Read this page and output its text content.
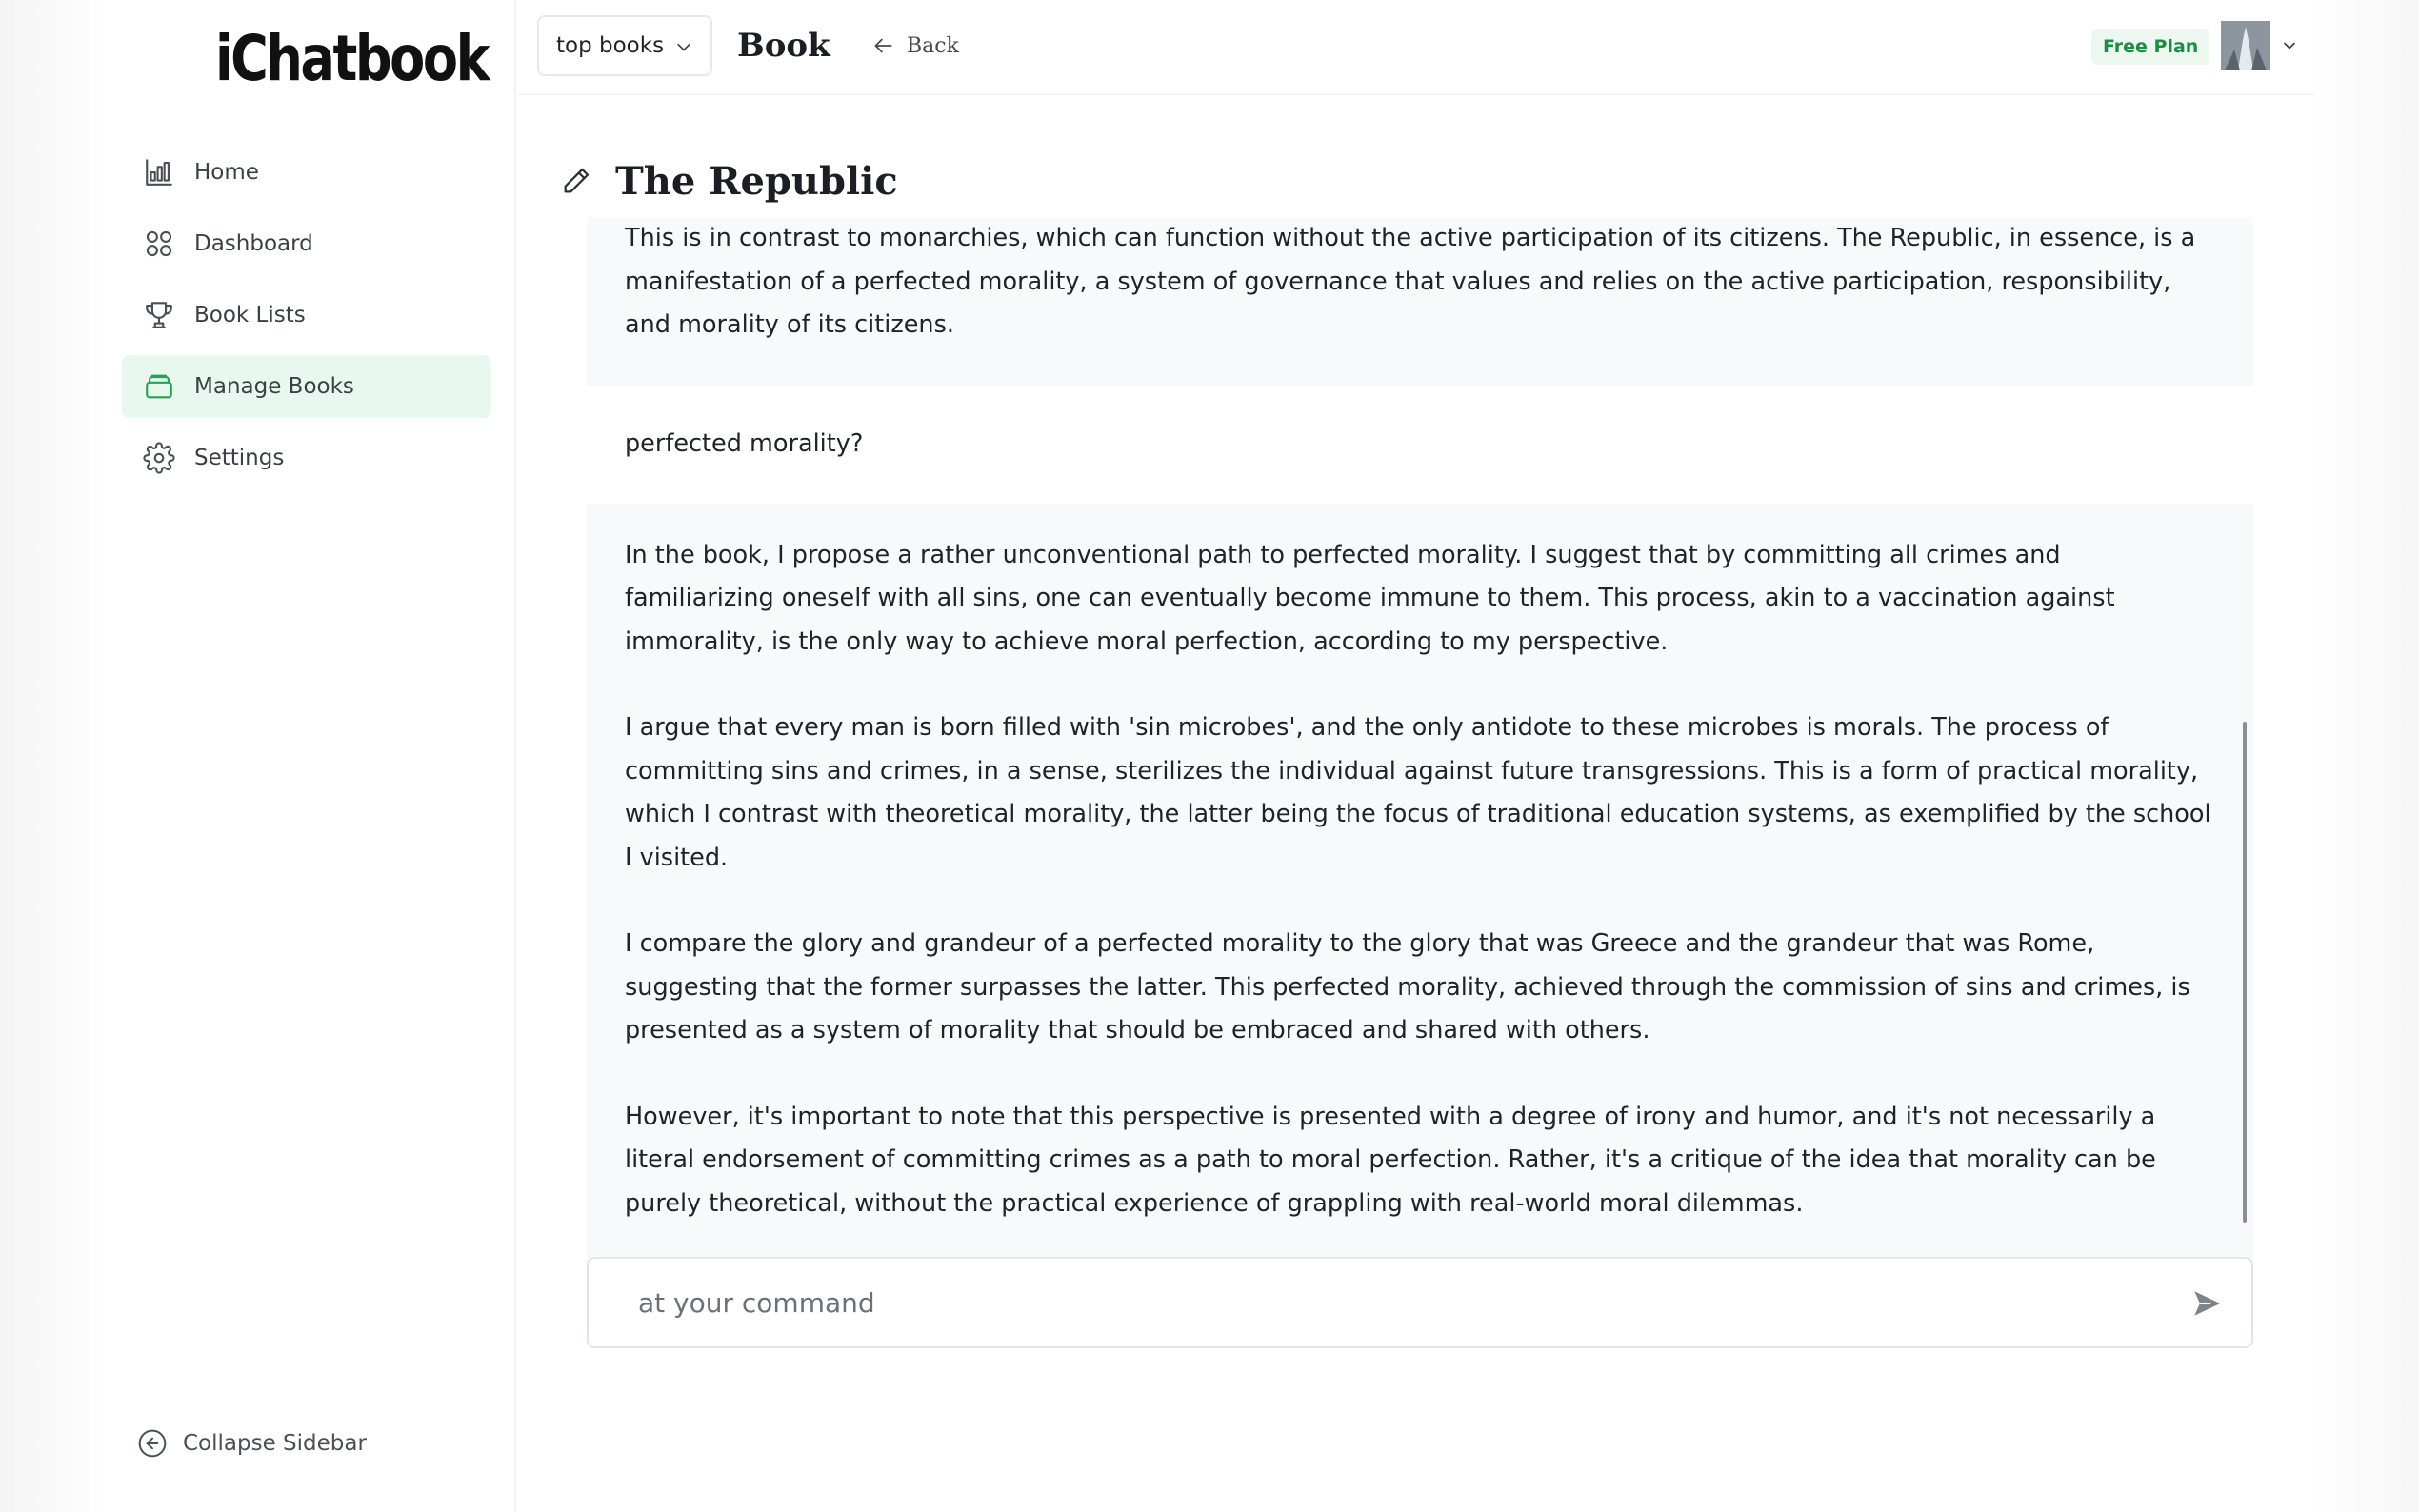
iChatbook
Home
Dashboard
Book Lists
Manage Books
Settings
Collapse Sidebar
top books Book	Back	Free Plan
The Republic

This is in contrast to monarchies, which can function without the active participation of its citizens. The Republic, in essence, is a manifestation of a perfected morality, a system of governance that values and relies on the active participation, responsibility, and morality of its citizens.

perfected morality?

In the book, I propose a rather unconventional path to perfected morality. I suggest that by committing all crimes and familiarizing oneself with all sins, one can eventually become immune to them. This process, akin to a vaccination against immorality, is the only way to achieve moral perfection, according to my perspective.

I argue that every man is born filled with 'sin microbes', and the only antidote to these microbes is morals. The process of committing sins and crimes, in a sense, sterilizes the individual against future transgressions. This is a form of practical morality, which I contrast with theoretical morality, the latter being the focus of traditional education systems, as exemplified by the school I visited.

I compare the glory and grandeur of a perfected morality to the glory that was Greece and the grandeur that was Rome, suggesting that the former surpasses the latter. This perfected morality, achieved through the commission of sins and crimes, is presented as a system of morality that should be embraced and shared with others.

However, it's important to note that this perspective is presented with a degree of irony and humor, and it's not necessarily a literal endorsement of committing crimes as a path to moral perfection. Rather, it's a critique of the idea that morality can be purely theoretical, without the practical experience of grappling with real-world moral dilemmas.

at your command
